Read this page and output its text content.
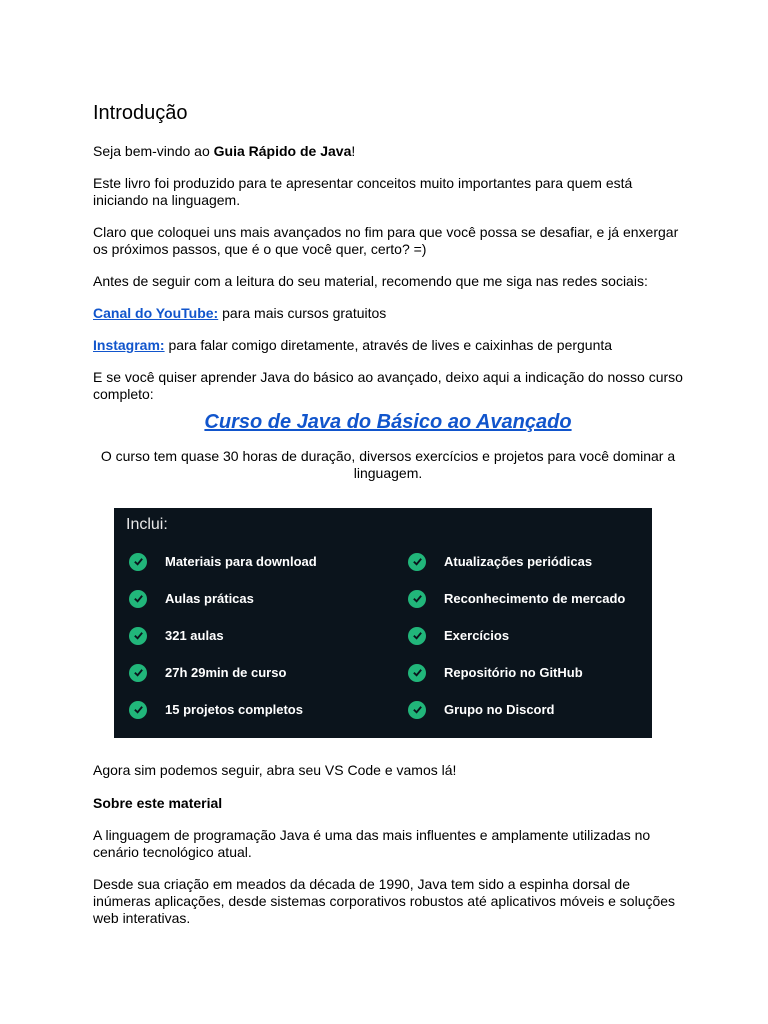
Introdução

Seja bem-vindo ao Guia Rápido de Java!

Este livro foi produzido para te apresentar conceitos muito importantes para quem está iniciando na linguagem.

Claro que coloquei uns mais avançados no fim para que você possa se desafiar, e já enxergar os próximos passos, que é o que você quer, certo? =)

Antes de seguir com a leitura do seu material, recomendo que me siga nas redes sociais:

Canal do YouTube: para mais cursos gratuitos

Instagram: para falar comigo diretamente, através de lives e caixinhas de pergunta

E se você quiser aprender Java do básico ao avançado, deixo aqui a indicação do nosso curso completo:

Curso de Java do Básico ao Avançado

O curso tem quase 30 horas de duração, diversos exercícios e projetos para você dominar a linguagem.

Inclui:
Materiais para download	Atualizações periódicas
Aulas práticas	Reconhecimento de mercado
321 aulas	Exercícios
27h 29min de curso	Repositório no GitHub
15 projetos completos	Grupo no Discord

Agora sim podemos seguir, abra seu VS Code e vamos lá!

Sobre este material

A linguagem de programação Java é uma das mais influentes e amplamente utilizadas no cenário tecnológico atual.

Desde sua criação em meados da década de 1990, Java tem sido a espinha dorsal de inúmeras aplicações, desde sistemas corporativos robustos até aplicativos móveis e soluções web interativas.
